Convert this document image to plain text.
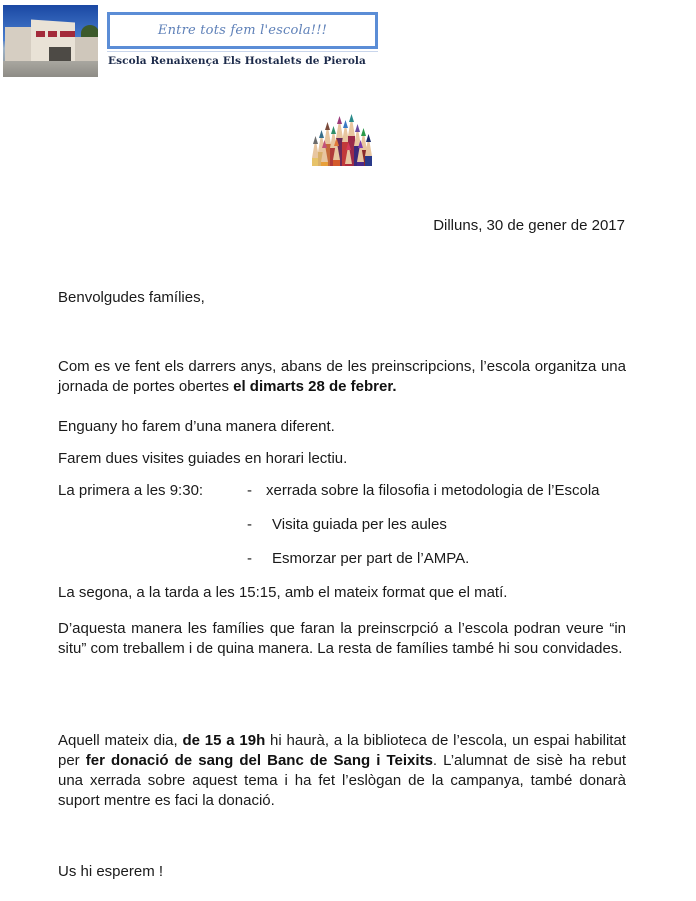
Entre tots fem l'escola!!!
Escola Renaixença Els Hostalets de Pierola
Dilluns, 30 de gener de 2017
Benvolgudes famílies,
Com es ve fent els darrers anys, abans de les preinscripcions, l’escola organitza una jornada de portes obertes el dimarts 28 de febrer.
Enguany ho farem d’una manera diferent.
Farem dues visites guiades en horari lectiu.
La primera a les 9:30:	- xerrada sobre la filosofia i metodologia de l’Escola
- Visita guiada per les aules
- Esmorzar per part de l’AMPA.
La segona, a la tarda a les 15:15, amb el mateix format que el matí.
D’aquesta manera les famílies que faran la preinscrpció a l’escola podran veure “in situ” com treballem i de quina manera. La resta de famílies també hi sou convidades.
Aquell mateix dia, de 15 a 19h hi haurà, a la biblioteca de l’escola, un espai habilitat per fer donació de sang del Banc de Sang i Teixits. L’alumnat de sisè ha rebut una xerrada sobre aquest tema i ha fet l’eslògan de la campanya, també donarà suport mentre es faci la donació.
Us hi esperem !
